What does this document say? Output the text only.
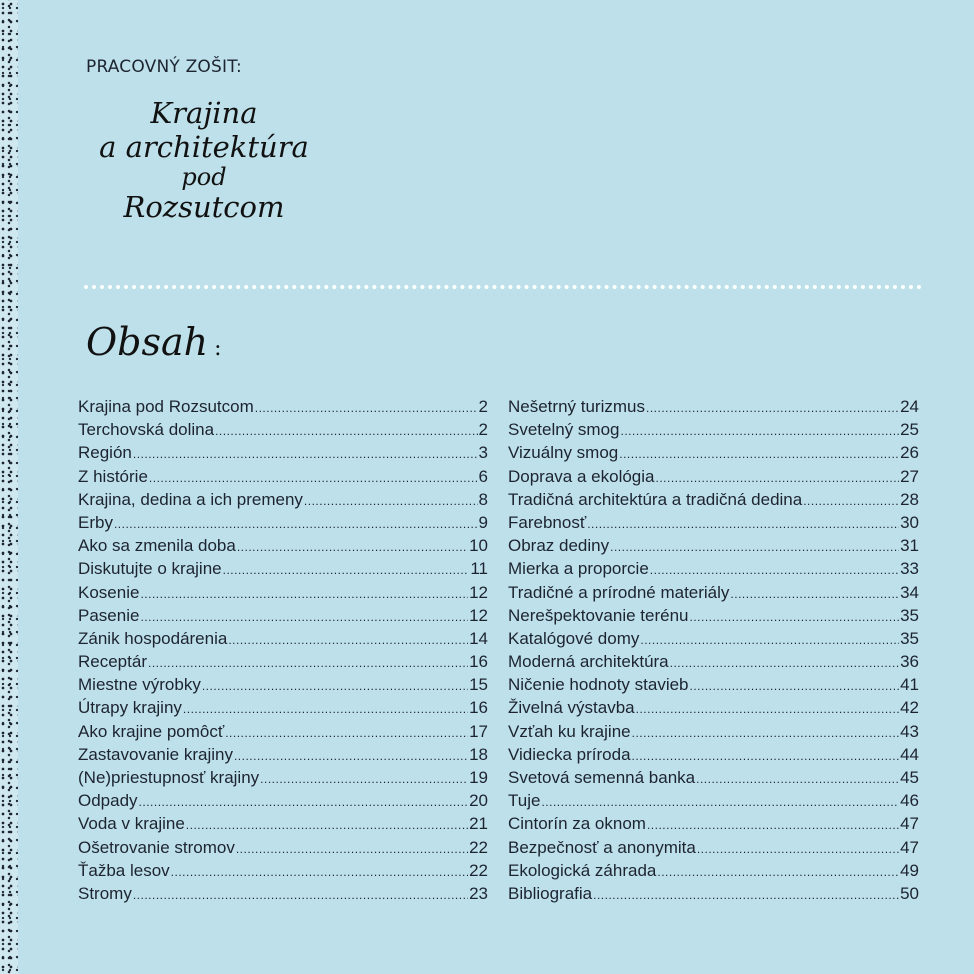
PRACOVNÝ ZOŠIT:
Krajina
a architektúra
pod
Rozsutcom
Obsah :
Krajina pod Rozsutcom .....	2
Terchovská dolina .....	2
Región .....	3
Z histórie .....	6
Krajina, dedina a ich premeny .....	8
Erby .....	9
Ako sa zmenila doba .....	10
Diskutujte o krajine .....	11
Kosenie .....	12
Pasenie .....	12
Zánik hospodárenia .....	14
Receptár .....	16
Miestne výrobky .....	15
Útrapy krajiny .....	16
Ako krajine pomôcť .....	17
Zastavovanie krajiny .....	18
(Ne)priestupnosť krajiny .....	19
Odpady .....	20
Voda v krajine .....	21
Ošetrovanie stromov .....	22
Ťažba lesov .....	22
Stromy .....	23
Nešetrný turizmus .....	24
Svetelný smog .....	25
Vizuálny smog .....	26
Doprava a ekológia .....	27
Tradičná architektúra a tradičná dedina .....	28
Farebnosť .....	30
Obraz dediny .....	31
Mierka a proporcie .....	33
Tradičné a prírodné materiály .....	34
Nerešpektovanie terénu .....	35
Katalógové domy .....	35
Moderná architektúra .....	36
Ničenie hodnoty stavieb .....	41
Živelná výstavba .....	42
Vzťah ku krajine .....	43
Vidiecka príroda .....	44
Svetová semenná banka .....	45
Tuje .....	46
Cintorín za oknom .....	47
Bezpečnosť a anonymita .....	47
Ekologická záhrada .....	49
Bibliografia .....	50
